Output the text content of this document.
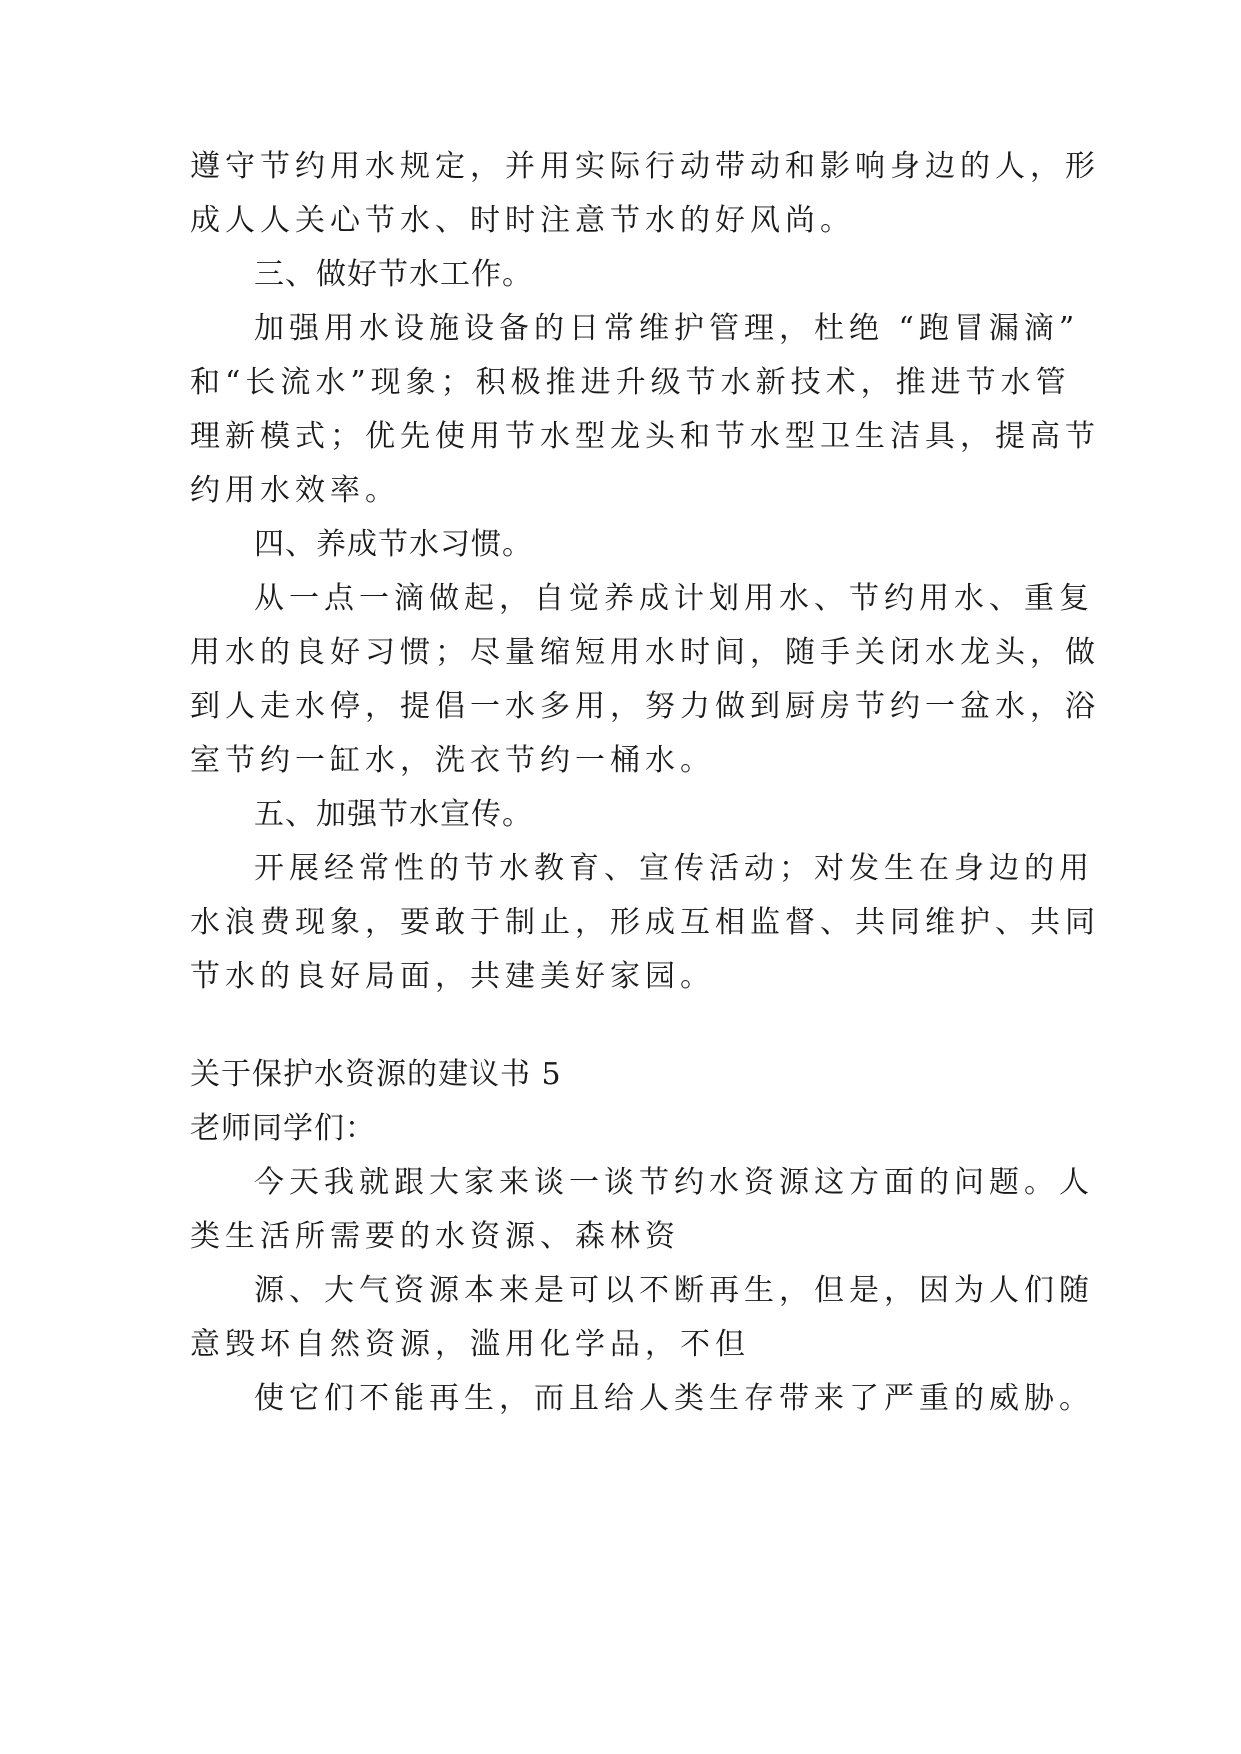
遵守节约用水规定，并用实际行动带动和影响身边的人，形

成人人关心节水、时时注意节水的好风尚。

三、做好节水工作。

加强用水设施设备的日常维护管理，杜绝 “跑冒漏滴”

和“长流水”现象；积极推进升级节水新技术，推进节水管

理新模式；优先使用节水型龙头和节水型卫生洁具，提高节

约用水效率。

四、养成节水习惯。

从一点一滴做起，自觉养成计划用水、节约用水、重复

用水的良好习惯；尽量缩短用水时间，随手关闭水龙头，做

到人走水停，提倡一水多用，努力做到厨房节约一盆水，浴

室节约一缸水，洗衣节约一桶水。

五、加强节水宣传。

开展经常性的节水教育、宣传活动；对发生在身边的用

水浪费现象，要敢于制止，形成互相监督、共同维护、共同

节水的良好局面，共建美好家园。

关于保护水资源的建议书 5

老师同学们：

今天我就跟大家来谈一谈节约水资源这方面的问题。人

类生活所需要的水资源、森林资

源、大气资源本来是可以不断再生，但是，因为人们随

意毁坏自然资源，滥用化学品，不但

使它们不能再生，而且给人类生存带来了严重的威胁。
